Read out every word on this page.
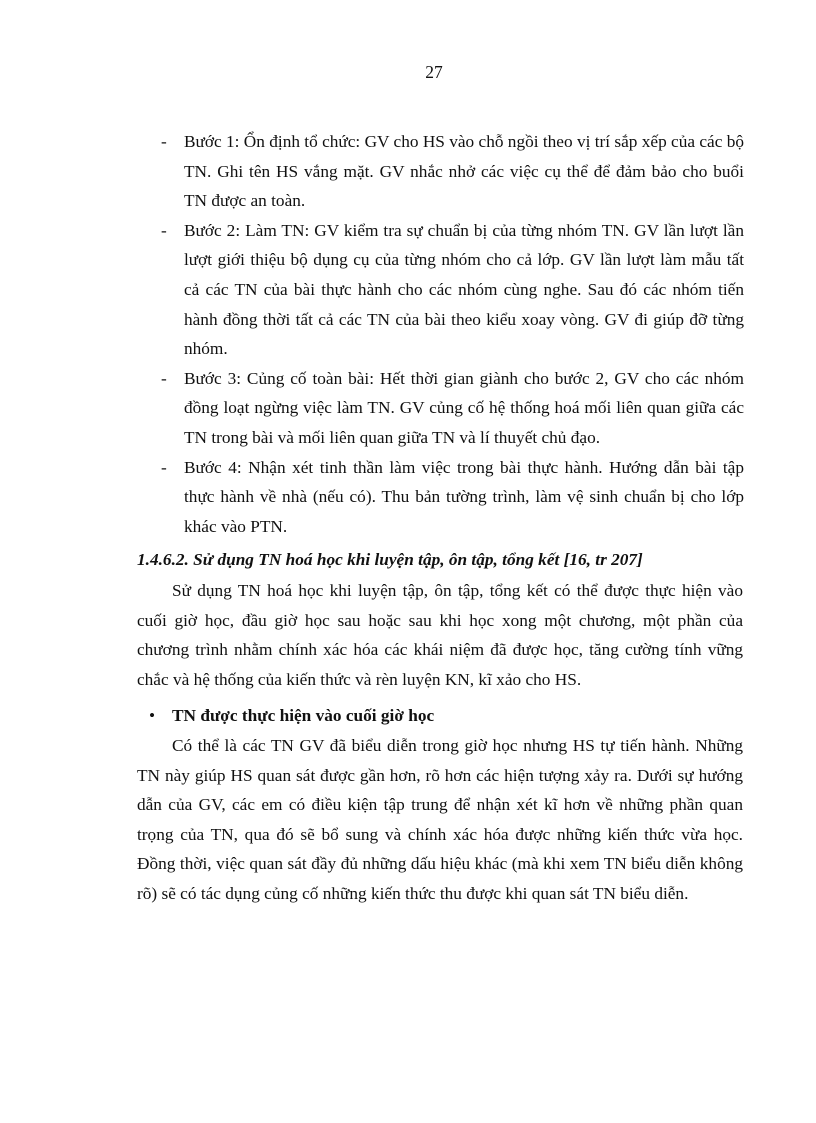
27
- Bước 1: Ổn định tổ chức: GV cho HS vào chỗ ngồi theo vị trí sắp xếp của các bộ TN. Ghi tên HS vắng mặt. GV nhắc nhở các việc cụ thể để đảm bảo cho buổi TN được an toàn.
- Bước 2: Làm TN: GV kiểm tra sự chuẩn bị của từng nhóm TN. GV lần lượt lần lượt giới thiệu bộ dụng cụ của từng nhóm cho cả lớp. GV lần lượt làm mẫu tất cả các TN của bài thực hành cho các nhóm cùng nghe. Sau đó các nhóm tiến hành đồng thời tất cả các TN của bài theo kiểu xoay vòng. GV đi giúp đỡ từng nhóm.
- Bước 3: Củng cố toàn bài: Hết thời gian giành cho bước 2, GV cho các nhóm đồng loạt ngừng việc làm TN. GV củng cố hệ thống hoá mối liên quan giữa các TN trong bài và mối liên quan giữa TN và lí thuyết chủ đạo.
- Bước 4: Nhận xét tinh thần làm việc trong bài thực hành. Hướng dẫn bài tập thực hành về nhà (nếu có). Thu bản tường trình, làm vệ sinh chuẩn bị cho lớp khác vào PTN.
1.4.6.2. Sử dụng TN hoá học khi luyện tập, ôn tập, tổng kết [16, tr 207]
Sử dụng TN hoá học khi luyện tập, ôn tập, tổng kết có thể được thực hiện vào cuối giờ học, đầu giờ học sau hoặc sau khi học xong một chương, một phần của chương trình nhằm chính xác hóa các khái niệm đã được học, tăng cường tính vững chắc và hệ thống của kiến thức và rèn luyện KN, kĩ xảo cho HS.
• TN được thực hiện vào cuối giờ học
Có thể là các TN GV đã biểu diễn trong giờ học nhưng HS tự tiến hành. Những TN này giúp HS quan sát được gần hơn, rõ hơn các hiện tượng xảy ra. Dưới sự hướng dẫn của GV, các em có điều kiện tập trung để nhận xét kĩ hơn về những phần quan trọng của TN, qua đó sẽ bổ sung và chính xác hóa được những kiến thức vừa học. Đồng thời, việc quan sát đầy đủ những dấu hiệu khác (mà khi xem TN biểu diễn không rõ) sẽ có tác dụng củng cố những kiến thức thu được khi quan sát TN biểu diễn.
